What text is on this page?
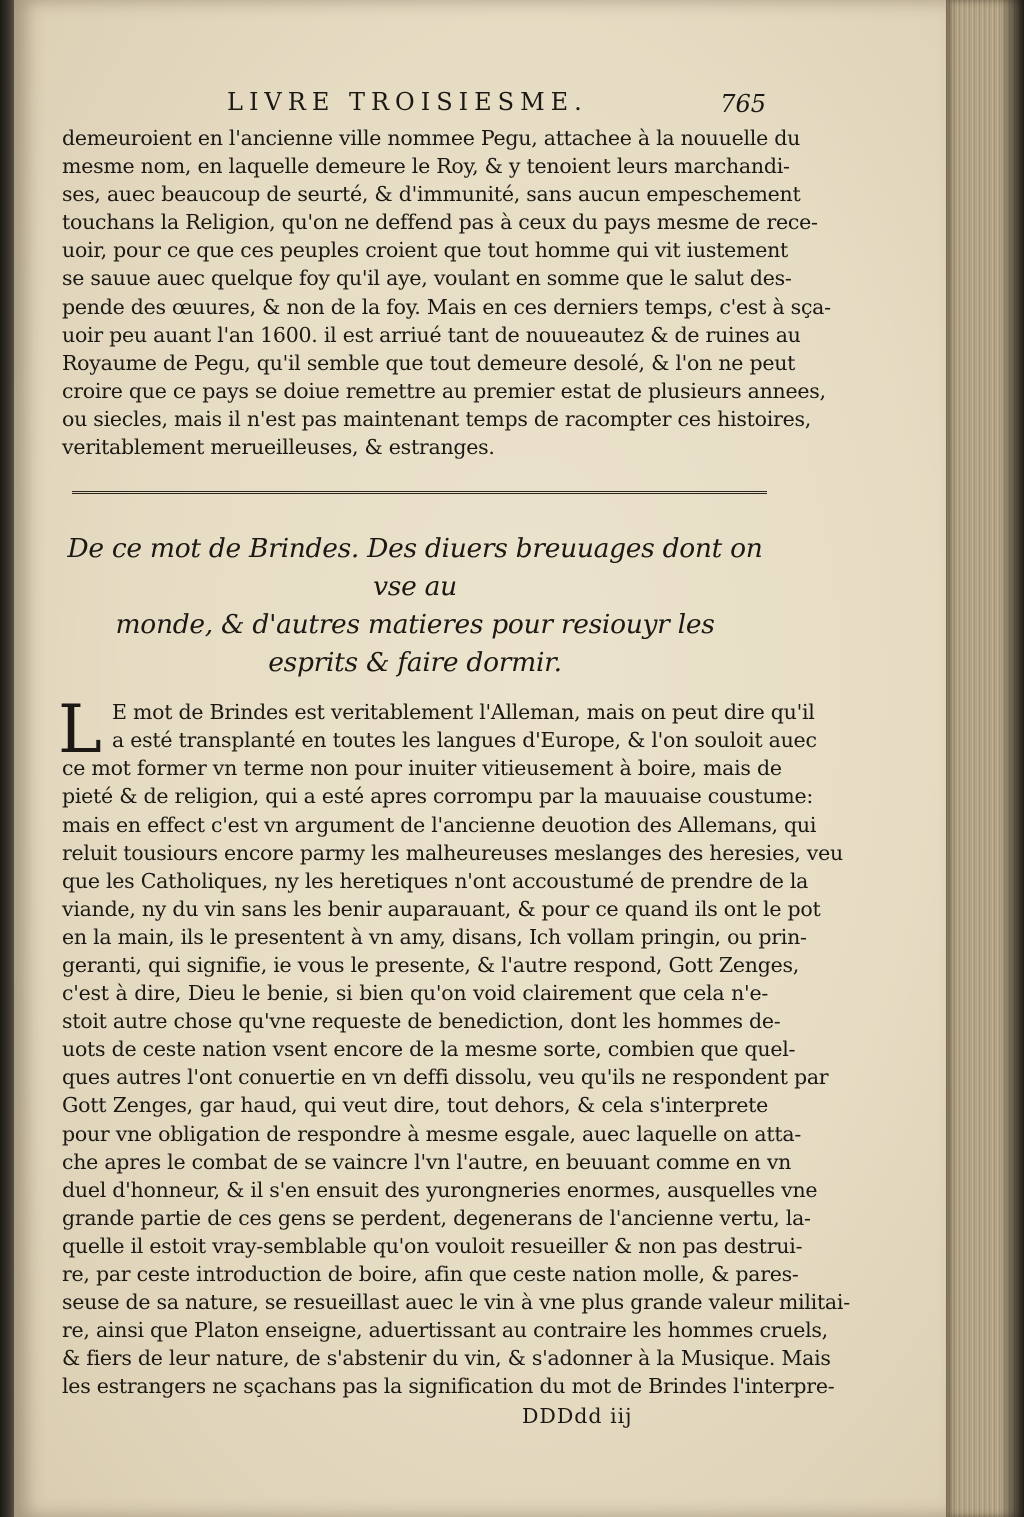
LIVRE TROISIESME.	765
demeuroient en l'ancienne ville nommee Pegu, attachee à la nouuelle du
mesme nom, en laquelle demeure le Roy, & y tenoient leurs marchandi-
ses, auec beaucoup de seurté, & d'immunité, sans aucun empeschement
touchans la Religion, qu'on ne deffend pas à ceux du pays mesme de rece-
uoir, pour ce que ces peuples croient que tout homme qui vit iustement
se sauue auec quelque foy qu'il aye, voulant en somme que le salut des-
pende des œuures, & non de la foy. Mais en ces derniers temps, c'est à sça-
uoir peu auant l'an 1600. il est arriué tant de nouueautez & de ruines au
Royaume de Pegu, qu'il semble que tout demeure desolé, & l'on ne peut
croire que ce pays se doiue remettre au premier estat de plusieurs annees,
ou siecles, mais il n'est pas maintenant temps de racompter ces histoires,
veritablement merueilleuses, & estranges.
De ce mot de Brindes. Des diuers breuuages dont on vse au
monde, & d'autres matieres pour resiouyr les
esprits & faire dormir.
L E mot de Brindes est veritablement l'Alleman, mais on peut dire qu'il
a esté transplanté en toutes les langues d'Europe, & l'on souloit auec
ce mot former vn terme non pour inuiter vitieusement à boire, mais de
pieté & de religion, qui a esté apres corrompu par la mauuaise coustume:
mais en effect c'est vn argument de l'ancienne deuotion des Allemans, qui
reluit tousiours encore parmy les malheureuses meslanges des heresies, veu
que les Catholiques, ny les heretiques n'ont accoustumé de prendre de la
viande, ny du vin sans les benir auparauant, & pour ce quand ils ont le pot
en la main, ils le presentent à vn amy, disans, Ich vollam pringin, ou prin-
geranti, qui signifie, ie vous le presente, & l'autre respond, Gott Zenges,
c'est à dire, Dieu le benie, si bien qu'on void clairement que cela n'e-
stoit autre chose qu'vne requeste de benediction, dont les hommes de-
uots de ceste nation vsent encore de la mesme sorte, combien que quel-
ques autres l'ont conuertie en vn deffi dissolu, veu qu'ils ne respondent par
Gott Zenges, gar haud, qui veut dire, tout dehors, & cela s'interprete
pour vne obligation de respondre à mesme esgale, auec laquelle on atta-
che apres le combat de se vaincre l'vn l'autre, en beuuant comme en vn
duel d'honneur, & il s'en ensuit des yurongneries enormes, ausquelles vne
grande partie de ces gens se perdent, degenerans de l'ancienne vertu, la-
quelle il estoit vray-semblable qu'on vouloit resueiller & non pas destrui-
re, par ceste introduction de boire, afin que ceste nation molle, & pares-
seuse de sa nature, se resueillast auec le vin à vne plus grande valeur militai-
re, ainsi que Platon enseigne, aduertissant au contraire les hommes cruels,
& fiers de leur nature, de s'abstenir du vin, & s'adonner à la Musique. Mais
les estrangers ne sçachans pas la signification du mot de Brindes l'interpre-
DDDdd iij
